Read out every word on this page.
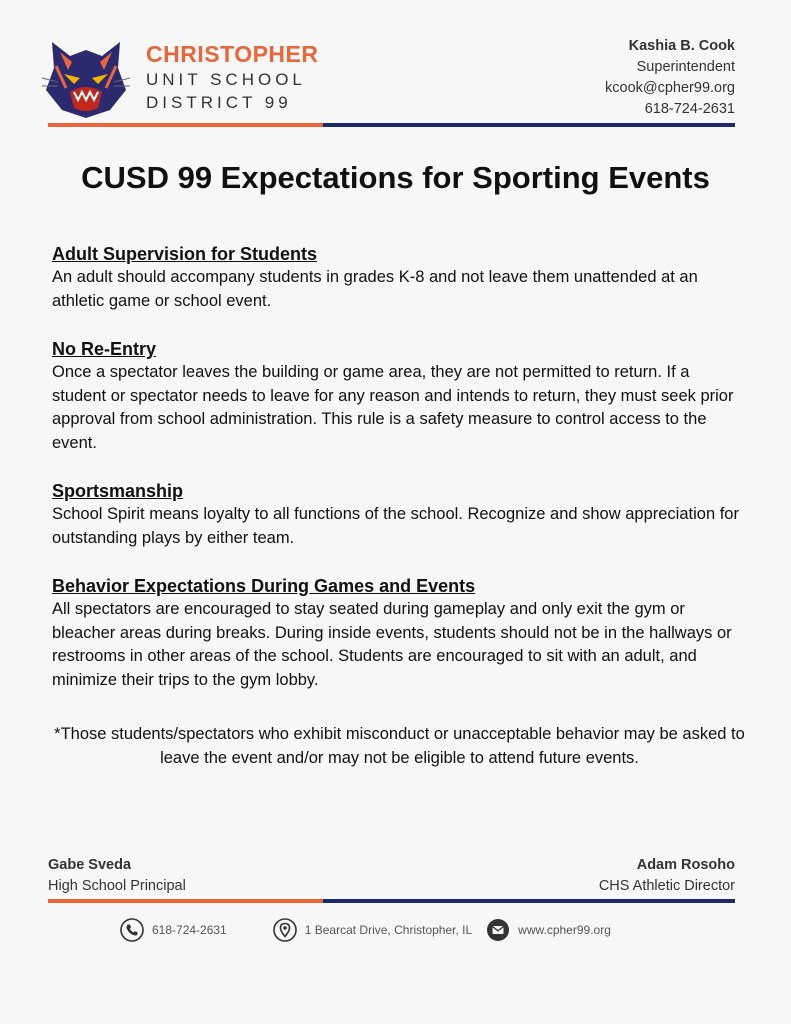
CHRISTOPHER
UNIT SCHOOL
DISTRICT 99
Kashia B. Cook
Superintendent
kcook@cpher99.org
618-724-2631
CUSD 99 Expectations for Sporting Events
Adult Supervision for Students

An adult should accompany students in grades K-8 and not leave them unattended at an athletic game or school event.

No Re-Entry

Once a spectator leaves the building or game area, they are not permitted to return. If a student or spectator needs to leave for any reason and intends to return, they must seek prior approval from school administration. This rule is a safety measure to control access to the event.

Sportsmanship

School Spirit means loyalty to all functions of the school. Recognize and show appreciation for outstanding plays by either team.

Behavior Expectations During Games and Events

All spectators are encouraged to stay seated during gameplay and only exit the gym or bleacher areas during breaks. During inside events, students should not be in the hallways or restrooms in other areas of the school. Students are encouraged to sit with an adult, and minimize their trips to the gym lobby.

*Those students/spectators who exhibit misconduct or unacceptable behavior may be asked to leave the event and/or may not be eligible to attend future events.

Gabe Sveda
High School Principal
Adam Rosoho
CHS Athletic Director
618-724-2631	1 Bearcat Drive, Christopher, IL	www.cpher99.org
